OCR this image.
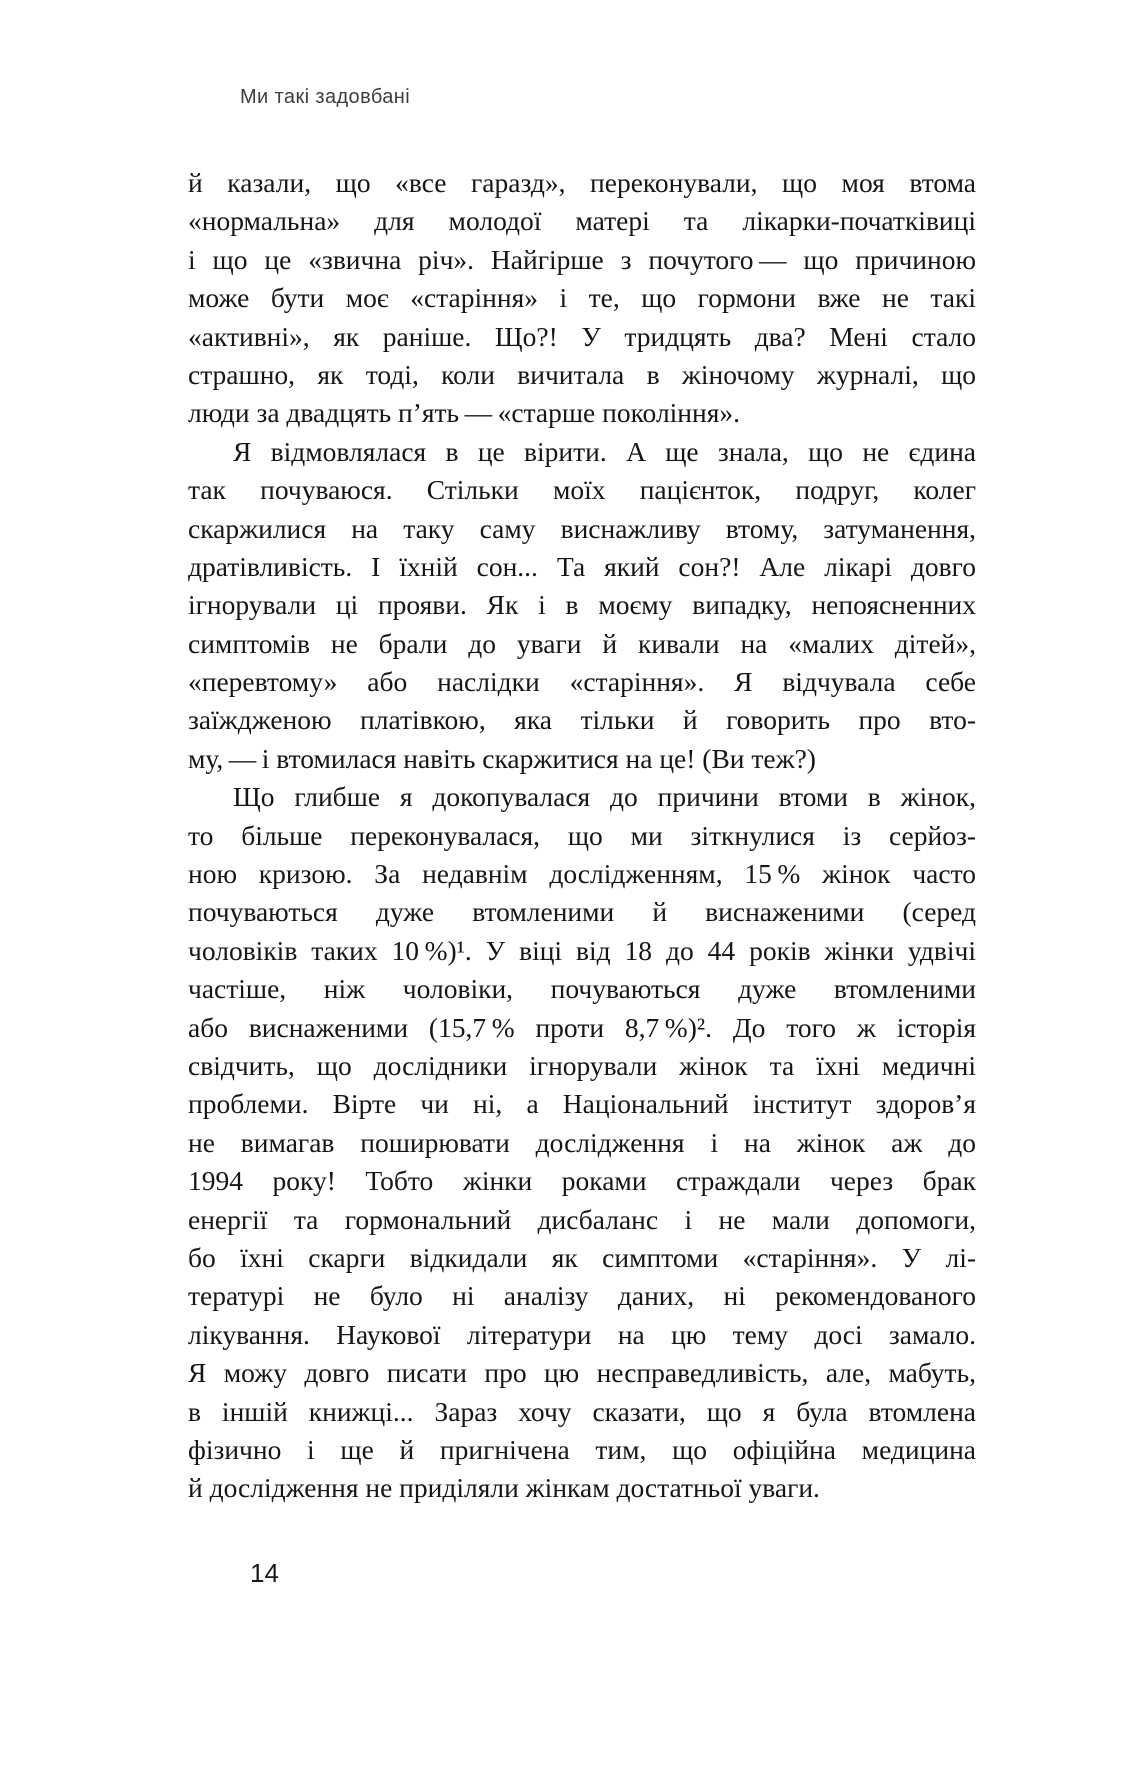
Ми такі задовбані
й казали, що «все гаразд», переконували, що моя втома
«нормальна» для молодої матері та лікарки-початківиці
і що це «звична річ». Найгірше з почутого — що причиною
може бути моє «старіння» і те, що гормони вже не такі
«активні», як раніше. Що?! У тридцять два? Мені стало
страшно, як тоді, коли вичитала в жіночому журналі, що
люди за двадцять п’ять — «старше покоління».
Я відмовлялася в це вірити. А ще знала, що не єдина
так почуваюся. Стільки моїх пацієнток, подруг, колег
скаржилися на таку саму виснажливу втому, затуманення,
дратівливість. І їхній сон... Та який сон?! Але лікарі довго
ігнорували ці прояви. Як і в моєму випадку, непоясненних
симптомів не брали до уваги й кивали на «малих дітей»,
«перевтому» або наслідки «старіння». Я відчувала себе
заїждженою платівкою, яка тільки й говорить про вто-
му, — і втомилася навіть скаржитися на це! (Ви теж?)
Що глибше я докопувалася до причини втоми в жінок,
то більше переконувалася, що ми зіткнулися із серйоз-
ною кризою. За недавнім дослідженням, 15 % жінок часто
почуваються дуже втомленими й виснаженими (серед
чоловіків таких 10 %)¹. У віці від 18 до 44 років жінки удвічі
частіше, ніж чоловіки, почуваються дуже втомленими
або виснаженими (15,7 % проти 8,7 %)². До того ж історія
свідчить, що дослідники ігнорували жінок та їхні медичні
проблеми. Вірте чи ні, а Національний інститут здоров’я
не вимагав поширювати дослідження і на жінок аж до
1994 року! Тобто жінки роками страждали через брак
енергії та гормональний дисбаланс і не мали допомоги,
бо їхні скарги відкидали як симптоми «старіння». У лі-
тературі не було ні аналізу даних, ні рекомендованого
лікування. Наукової літератури на цю тему досі замало.
Я можу довго писати про цю несправедливість, але, мабуть,
в іншій книжці... Зараз хочу сказати, що я була втомлена
фізично і ще й пригнічена тим, що офіційна медицина
й дослідження не приділяли жінкам достатньої уваги.
14
